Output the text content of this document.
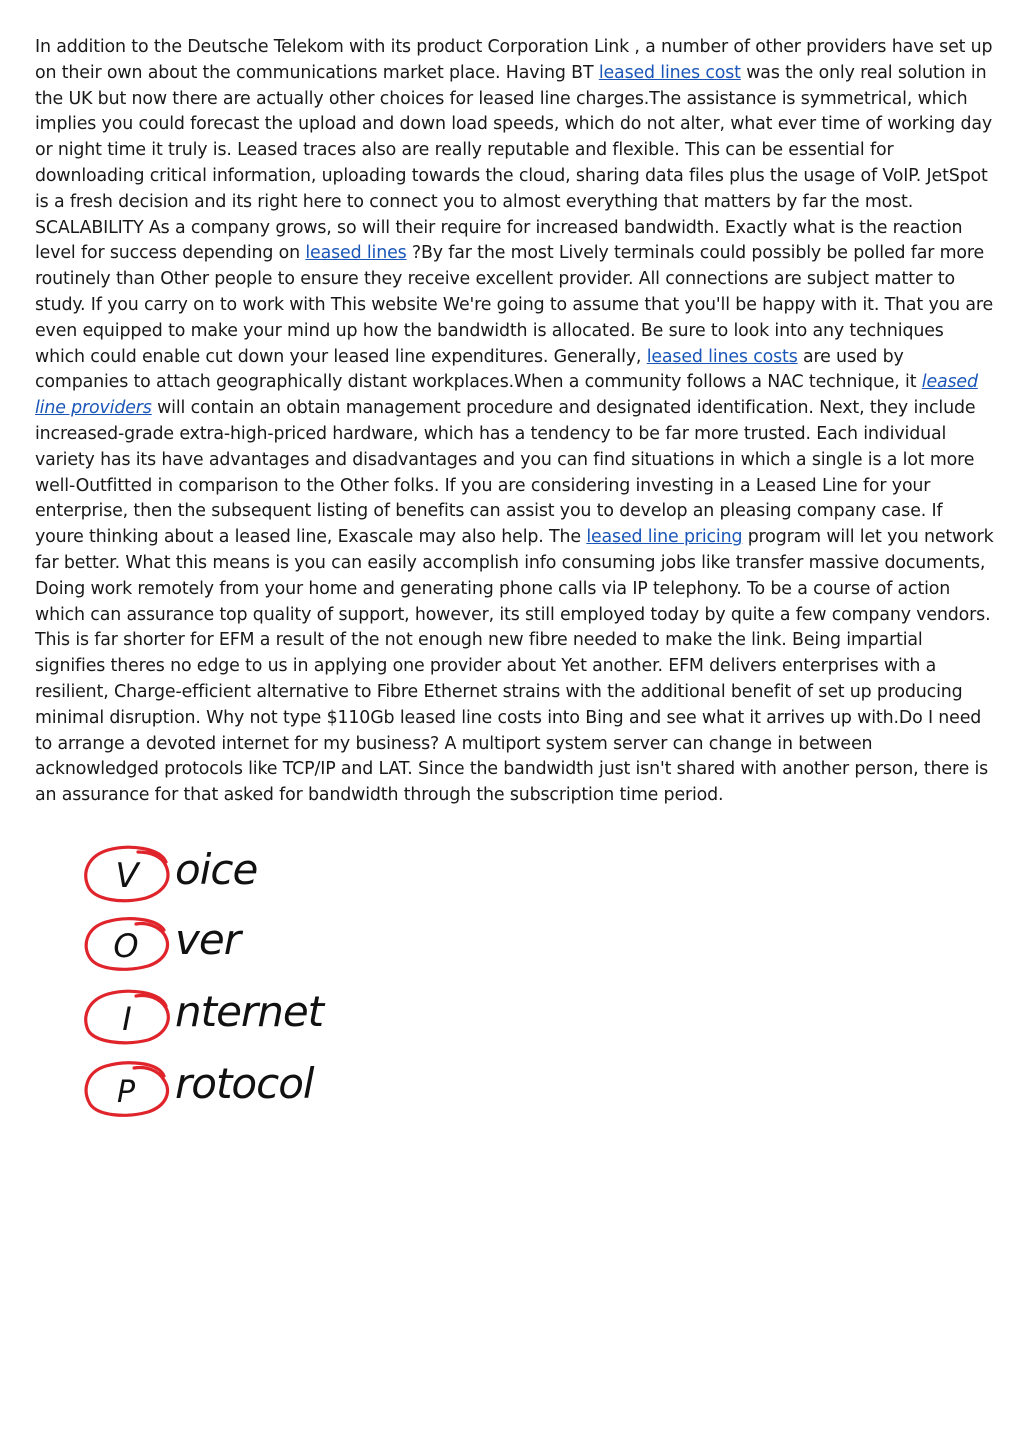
In addition to the Deutsche Telekom with its product Corporation Link , a number of other providers have set up on their own about the communications market place. Having BT leased lines cost was the only real solution in the UK but now there are actually other choices for leased line charges.The assistance is symmetrical, which implies you could forecast the upload and down load speeds, which do not alter, what ever time of working day or night time it truly is. Leased traces also are really reputable and flexible. This can be essential for downloading critical information, uploading towards the cloud, sharing data files plus the usage of VoIP. JetSpot is a fresh decision and its right here to connect you to almost everything that matters by far the most. SCALABILITY As a company grows, so will their require for increased bandwidth. Exactly what is the reaction level for success depending on leased lines ?By far the most Lively terminals could possibly be polled far more routinely than Other people to ensure they receive excellent provider. All connections are subject matter to study. If you carry on to work with This website We're going to assume that you'll be happy with it. That you are even equipped to make your mind up how the bandwidth is allocated. Be sure to look into any techniques which could enable cut down your leased line expenditures. Generally, leased lines costs are used by companies to attach geographically distant workplaces.When a community follows a NAC technique, it leased line providers will contain an obtain management procedure and designated identification. Next, they include increased-grade extra-high-priced hardware, which has a tendency to be far more trusted. Each individual variety has its have advantages and disadvantages and you can find situations in which a single is a lot more well-Outfitted in comparison to the Other folks. If you are considering investing in a Leased Line for your enterprise, then the subsequent listing of benefits can assist you to develop an pleasing company case. If youre thinking about a leased line, Exascale may also help. The leased line pricing program will let you network far better. What this means is you can easily accomplish info consuming jobs like transfer massive documents, Doing work remotely from your home and generating phone calls via IP telephony. To be a course of action which can assurance top quality of support, however, its still employed today by quite a few company vendors. This is far shorter for EFM a result of the not enough new fibre needed to make the link. Being impartial signifies theres no edge to us in applying one provider about Yet another. EFM delivers enterprises with a resilient, Charge-efficient alternative to Fibre Ethernet strains with the additional benefit of set up producing minimal disruption. Why not type $110Gb leased line costs into Bing and see what it arrives up with.Do I need to arrange a devoted internet for my business? A multiport system server can change in between acknowledged protocols like TCP/IP and LAT. Since the bandwidth just isn't shared with another person, there is an assurance for that asked for bandwidth through the subscription time period.

V oice
O ver
I nternet
P rotocol
